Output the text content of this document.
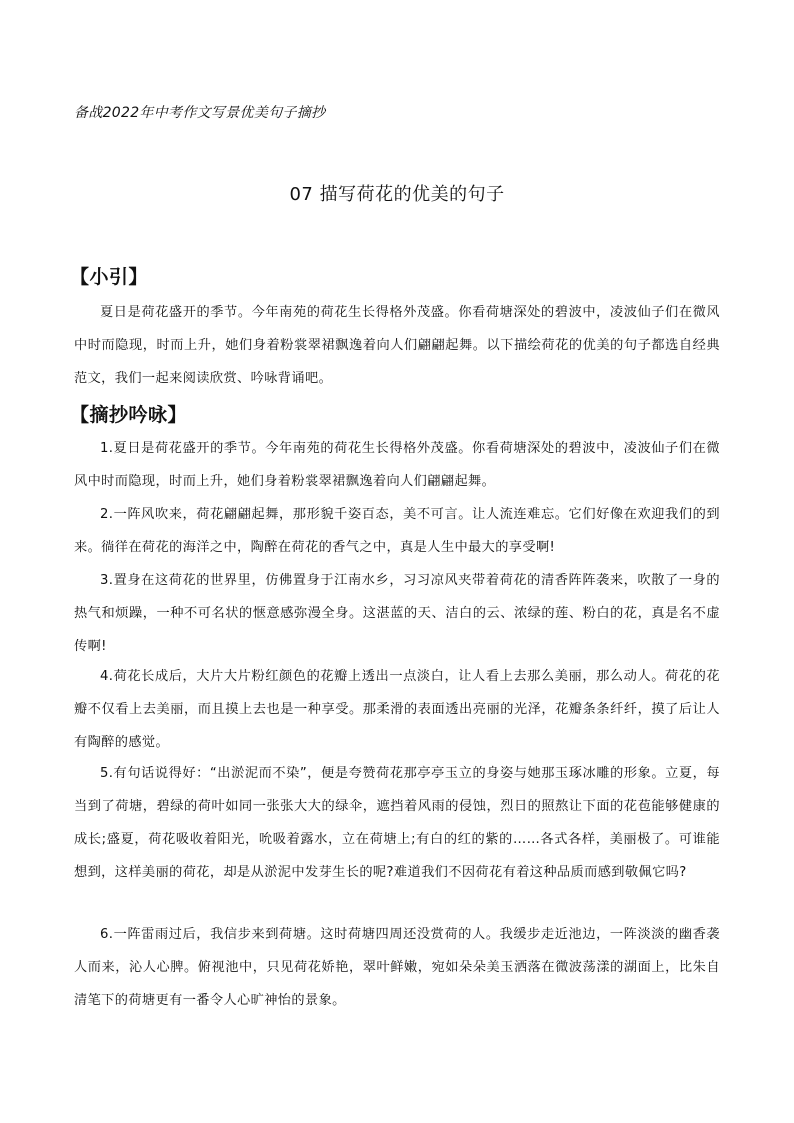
备战2022年中考作文写景优美句子摘抄
07 描写荷花的优美的句子
【小引】

夏日是荷花盛开的季节。今年南苑的荷花生长得格外茂盛。你看荷塘深处的碧波中，凌波仙子们在微风中时而隐现，时而上升，她们身着粉裳翠裙飘逸着向人们翩翩起舞。以下描绘荷花的优美的句子都选自经典范文，我们一起来阅读欣赏、吟咏背诵吧。

【摘抄吟咏】

1.夏日是荷花盛开的季节。今年南苑的荷花生长得格外茂盛。你看荷塘深处的碧波中，凌波仙子们在微风中时而隐现，时而上升，她们身着粉裳翠裙飘逸着向人们翩翩起舞。

2.一阵风吹来，荷花翩翩起舞，那形貌千姿百态，美不可言。让人流连难忘。它们好像在欢迎我们的到来。徜徉在荷花的海洋之中，陶醉在荷花的香气之中，真是人生中最大的享受啊!

3.置身在这荷花的世界里，仿佛置身于江南水乡，习习凉风夹带着荷花的清香阵阵袭来，吹散了一身的热气和烦躁，一种不可名状的惬意感弥漫全身。这湛蓝的天、洁白的云、浓绿的莲、粉白的花，真是名不虚传啊!

4.荷花长成后，大片大片粉红颜色的花瓣上透出一点淡白，让人看上去那么美丽，那么动人。荷花的花瓣不仅看上去美丽，而且摸上去也是一种享受。那柔滑的表面透出亮丽的光泽，花瓣条条纤纤，摸了后让人有陶醉的感觉。

5.有句话说得好：“出淤泥而不染”，便是夸赞荷花那亭亭玉立的身姿与她那玉琢冰雕的形象。立夏，每当到了荷塘，碧绿的荷叶如同一张张大大的绿伞，遮挡着风雨的侵蚀，烈日的照熬让下面的花苞能够健康的成长;盛夏，荷花吸收着阳光，吮吸着露水，立在荷塘上;有白的红的紫的……各式各样，美丽极了。可谁能想到，这样美丽的荷花，却是从淤泥中发芽生长的呢?难道我们不因荷花有着这种品质而感到敬佩它吗?

6.一阵雷雨过后，我信步来到荷塘。这时荷塘四周还没赏荷的人。我缓步走近池边，一阵淡淡的幽香袭人而来，沁人心脾。俯视池中，只见荷花娇艳，翠叶鲜嫩，宛如朵朵美玉洒落在微波荡漾的湖面上，比朱自清笔下的荷塘更有一番令人心旷神怡的景象。
